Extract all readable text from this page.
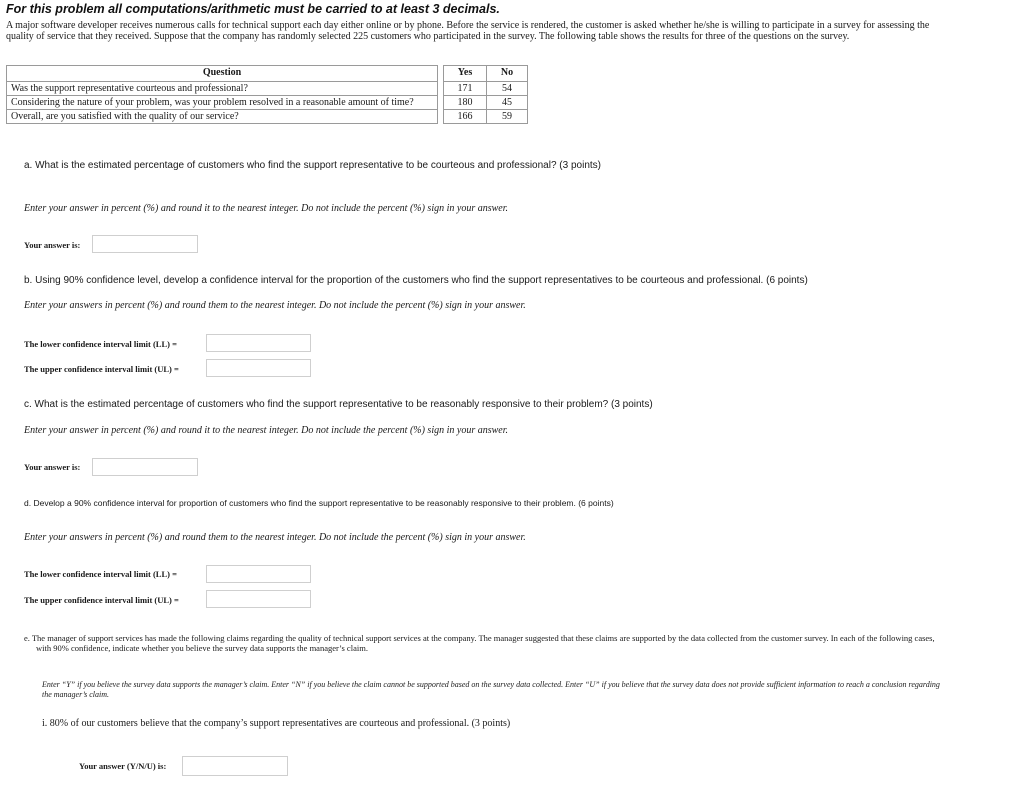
For this problem all computations/arithmetic must be carried to at least 3 decimals.
A major software developer receives numerous calls for technical support each day either online or by phone. Before the service is rendered, the customer is asked whether he/she is willing to participate in a survey for assessing the quality of service that they received. Suppose that the company has randomly selected 225 customers who participated in the survey. The following table shows the results for three of the questions on the survey.
Question		Yes	No
Was the support representative courteous and professional?		171	54
Considering the nature of your problem, was your problem resolved in a reasonable amount of time?		180	45
Overall, are you satisfied with the quality of our service?		166	59
a. What is the estimated percentage of customers who find the support representative to be courteous and professional? (3 points)
Enter your answer in percent (%) and round it to the nearest integer. Do not include the percent (%) sign in your answer.
Your answer is:
b. Using 90% confidence level, develop a confidence interval for the proportion of the customers who find the support representatives to be courteous and professional. (6 points)
Enter your answers in percent (%) and round them to the nearest integer. Do not include the percent (%) sign in your answer.
The lower confidence interval limit (LL) =
The upper confidence interval limit (UL) =
c. What is the estimated percentage of customers who find the support representative to be reasonably responsive to their problem? (3 points)
Enter your answer in percent (%) and round it to the nearest integer. Do not include the percent (%) sign in your answer.
Your answer is:
d. Develop a 90% confidence interval for proportion of customers who find the support representative to be reasonably responsive to their problem. (6 points)
Enter your answers in percent (%) and round them to the nearest integer. Do not include the percent (%) sign in your answer.
The lower confidence interval limit (LL) =
The upper confidence interval limit (UL) =
e. The manager of support services has made the following claims regarding the quality of technical support services at the company. The manager suggested that these claims are supported by the data collected from the customer survey. In each of the following cases, with 90% confidence, indicate whether you believe the survey data supports the manager’s claim.
Enter “Y” if you believe the survey data supports the manager’s claim. Enter “N” if you believe the claim cannot be supported based on the survey data collected. Enter “U” if you believe that the survey data does not provide sufficient information to reach a conclusion regarding the manager’s claim.
i. 80% of our customers believe that the company’s support representatives are courteous and professional. (3 points)
Your answer (Y/N/U) is:
